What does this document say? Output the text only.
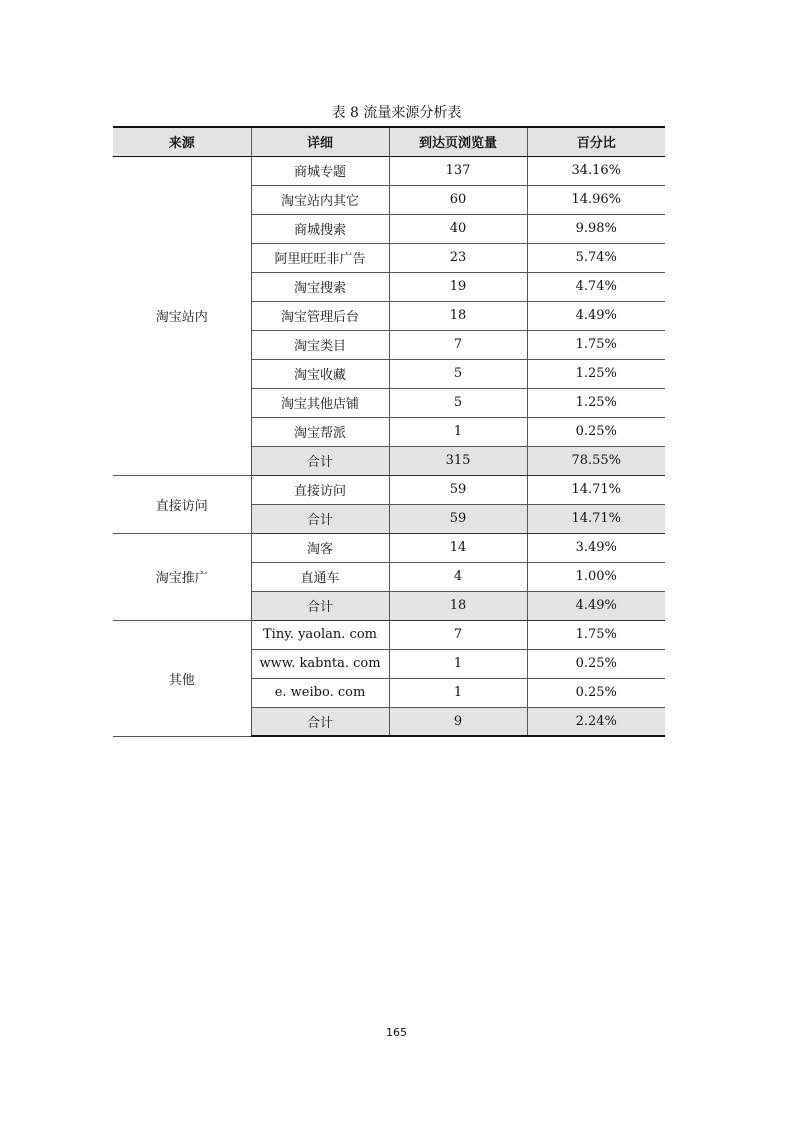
表 8 流量来源分析表
来源	详细	到达页浏览量	百分比
淘宝站内	商城专题	137	34.16%
	淘宝站内其它	60	14.96%
	商城搜索	40	9.98%
	阿里旺旺非广告	23	5.74%
	淘宝搜索	19	4.74%
	淘宝管理后台	18	4.49%
	淘宝类目	7	1.75%
	淘宝收藏	5	1.25%
	淘宝其他店铺	5	1.25%
	淘宝帮派	1	0.25%
	合计	315	78.55%
直接访问	直接访问	59	14.71%
	合计	59	14.71%
淘宝推广	淘客	14	3.49%
	直通车	4	1.00%
	合计	18	4.49%
其他	Tiny. yaolan. com	7	1.75%
	www. kabnta. com	1	0.25%
	e. weibo. com	1	0.25%
	合计	9	2.24%
165
